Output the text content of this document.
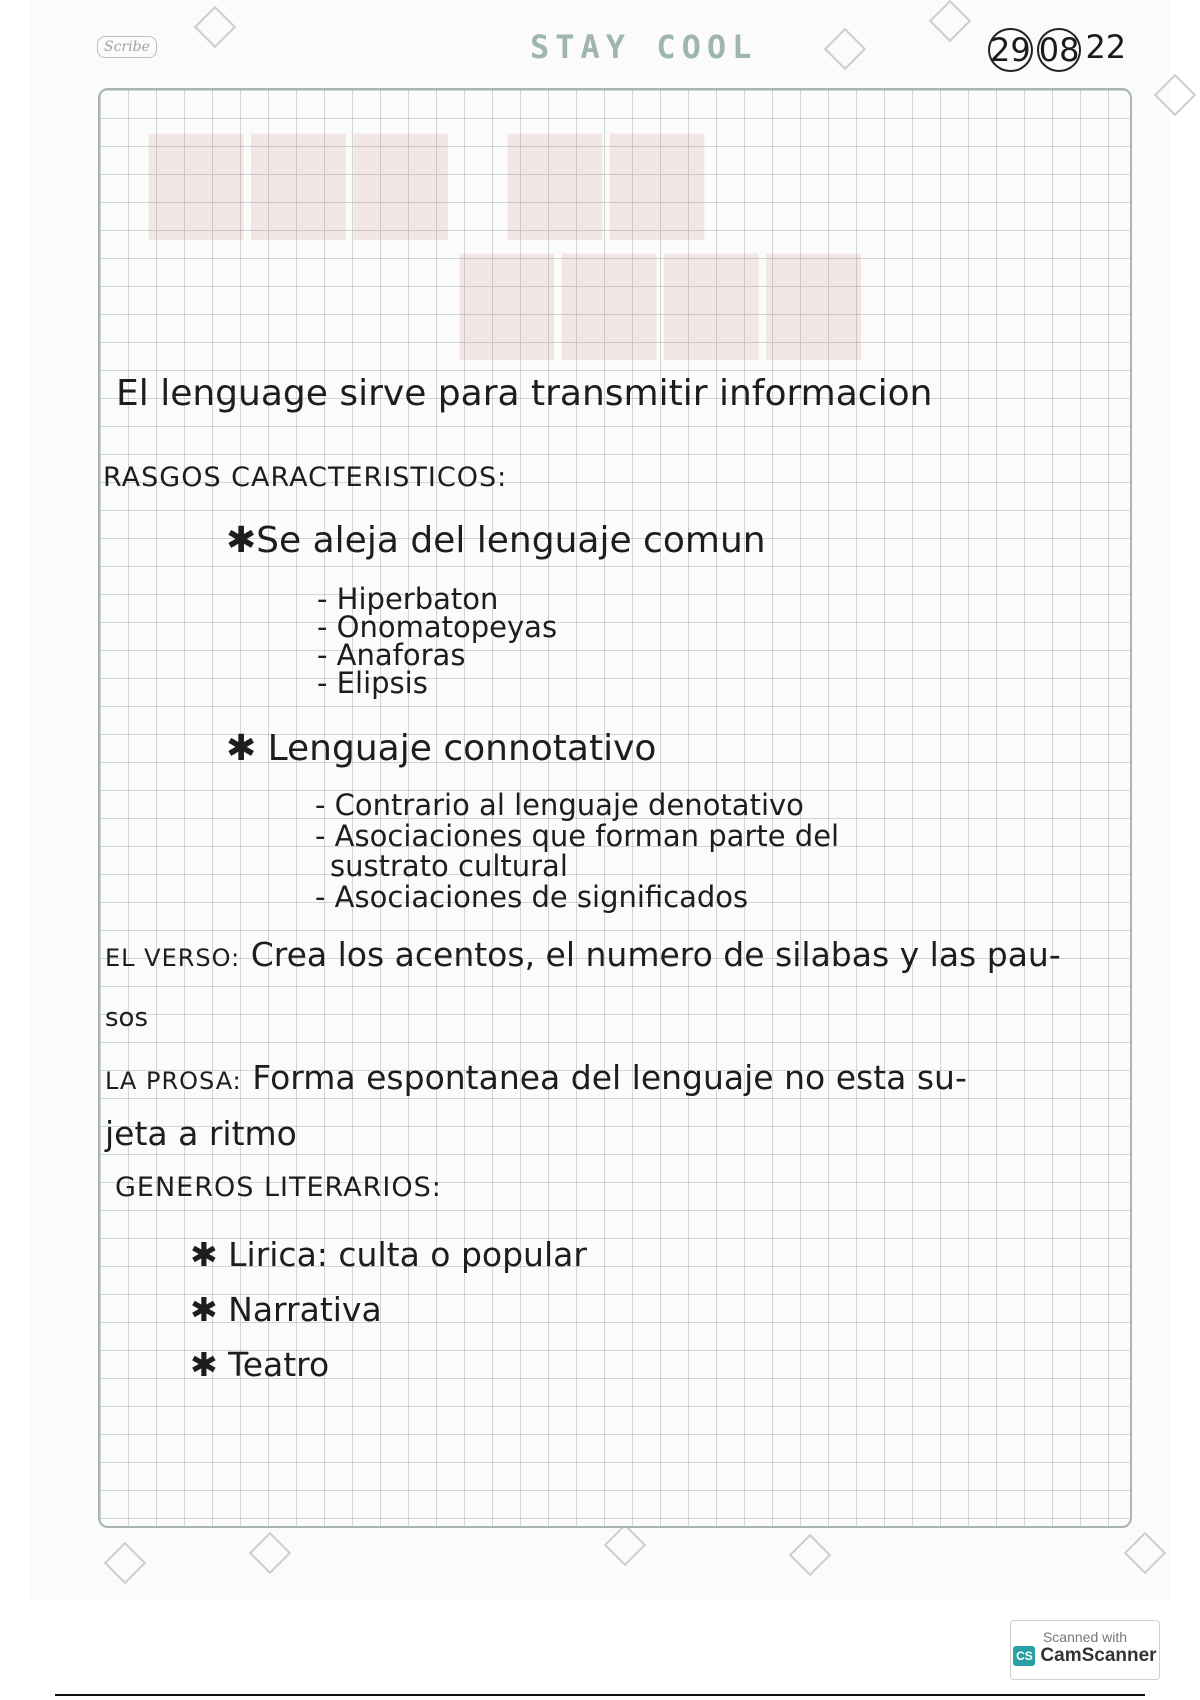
Scribe	STAY COOL	29 08 22
▆▆▆ ▆▆
▆▆▆▆
El lenguage sirve para transmitir informacion
RASGOS CARACTERISTICOS:
✱Se aleja del lenguaje comun
- Hiperbaton
- Onomatopeyas
- Anaforas
- Elipsis
✱ Lenguaje connotativo
- Contrario al lenguaje denotativo
- Asociaciones que forman parte del
sustrato cultural
- Asociaciones de significados
EL VERSO: Crea los acentos, el numero de silabas y las pau-
sos
LA PROSA: Forma espontanea del lenguaje no esta su-
jeta a ritmo
GENEROS LITERARIOS:
✱ Lirica: culta o popular
✱ Narrativa
✱ Teatro
Scanned with
CS CamScanner
